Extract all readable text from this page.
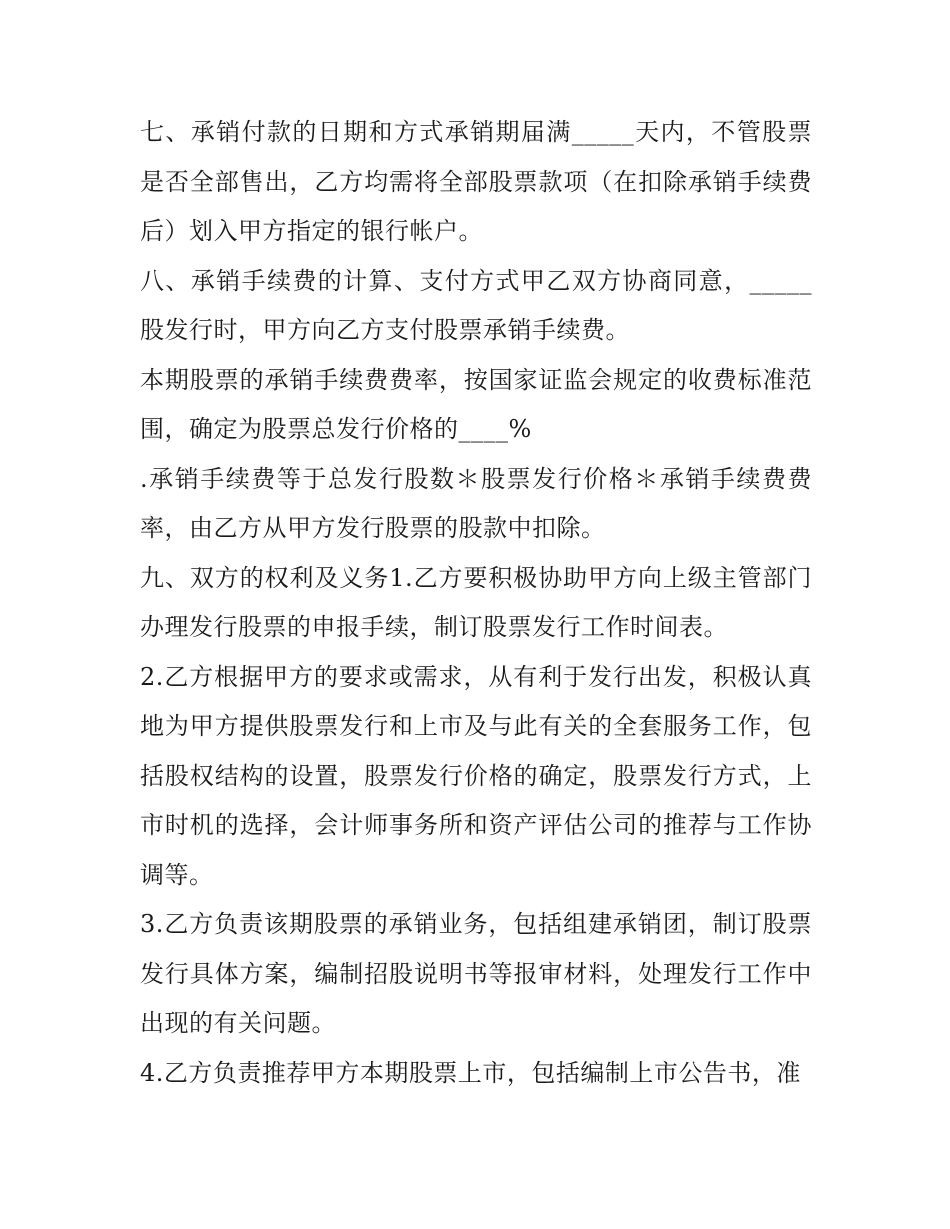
七、承销付款的日期和方式承销期届满_____天内，不管股票是否全部售出，乙方均需将全部股票款项（在扣除承销手续费后）划入甲方指定的银行帐户。

八、承销手续费的计算、支付方式甲乙双方协商同意，_____股发行时，甲方向乙方支付股票承销手续费。

本期股票的承销手续费费率，按国家证监会规定的收费标准范围，确定为股票总发行价格的____%

.承销手续费等于总发行股数＊股票发行价格＊承销手续费费率，由乙方从甲方发行股票的股款中扣除。

九、双方的权利及义务1.乙方要积极协助甲方向上级主管部门办理发行股票的申报手续，制订股票发行工作时间表。

2.乙方根据甲方的要求或需求，从有利于发行出发，积极认真地为甲方提供股票发行和上市及与此有关的全套服务工作，包括股权结构的设置，股票发行价格的确定，股票发行方式，上市时机的选择，会计师事务所和资产评估公司的推荐与工作协调等。

3.乙方负责该期股票的承销业务，包括组建承销团，制订股票发行具体方案，编制招股说明书等报审材料，处理发行工作中出现的有关问题。

4.乙方负责推荐甲方本期股票上市，包括编制上市公告书，准
